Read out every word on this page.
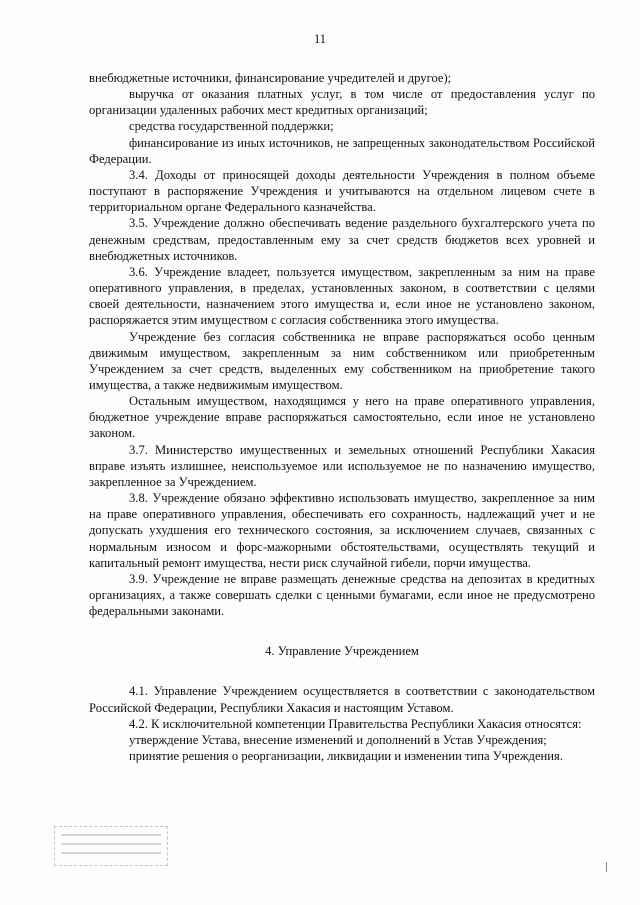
11

внебюджетные источники, финансирование учредителей и другое);

выручка от оказания платных услуг, в том числе от предоставления услуг по организации удаленных рабочих мест кредитных организаций;

средства государственной поддержки;

финансирование из иных источников, не запрещенных законодательством Российской Федерации.

3.4. Доходы от приносящей доходы деятельности Учреждения в полном объеме поступают в распоряжение Учреждения и учитываются на отдельном лицевом счете в территориальном органе Федерального казначейства.

3.5. Учреждение должно обеспечивать ведение раздельного бухгалтерского учета по денежным средствам, предоставленным ему за счет средств бюджетов всех уровней и внебюджетных источников.

3.6. Учреждение владеет, пользуется имуществом, закрепленным за ним на праве оперативного управления, в пределах, установленных законом, в соответствии с целями своей деятельности, назначением этого имущества и, если иное не установлено законом, распоряжается этим имуществом с согласия собственника этого имущества.

Учреждение без согласия собственника не вправе распоряжаться особо ценным движимым имуществом, закрепленным за ним собственником или приобретенным Учреждением за счет средств, выделенных ему собственником на приобретение такого имущества, а также недвижимым имуществом.

Остальным имуществом, находящимся у него на праве оперативного управления, бюджетное учреждение вправе распоряжаться самостоятельно, если иное не установлено законом.

3.7. Министерство имущественных и земельных отношений Республики Хакасия вправе изъять излишнее, неиспользуемое или используемое не по назначению имущество, закрепленное за Учреждением.

3.8. Учреждение обязано эффективно использовать имущество, закрепленное за ним на праве оперативного управления, обеспечивать его сохранность, надлежащий учет и не допускать ухудшения его технического состояния, за исключением случаев, связанных с нормальным износом и форс-мажорными обстоятельствами, осуществлять текущий и капитальный ремонт имущества, нести риск случайной гибели, порчи имущества.

3.9. Учреждение не вправе размещать денежные средства на депозитах в кредитных организациях, а также совершать сделки с ценными бумагами, если иное не предусмотрено федеральными законами.

4. Управление Учреждением

4.1. Управление Учреждением осуществляется в соответствии с законодательством Российской Федерации, Республики Хакасия и настоящим Уставом.

4.2. К исключительной компетенции Правительства Республики Хакасия относятся:

утверждение Устава, внесение изменений и дополнений в Устав Учреждения;

принятие решения о реорганизации, ликвидации и изменении типа Учреждения.
